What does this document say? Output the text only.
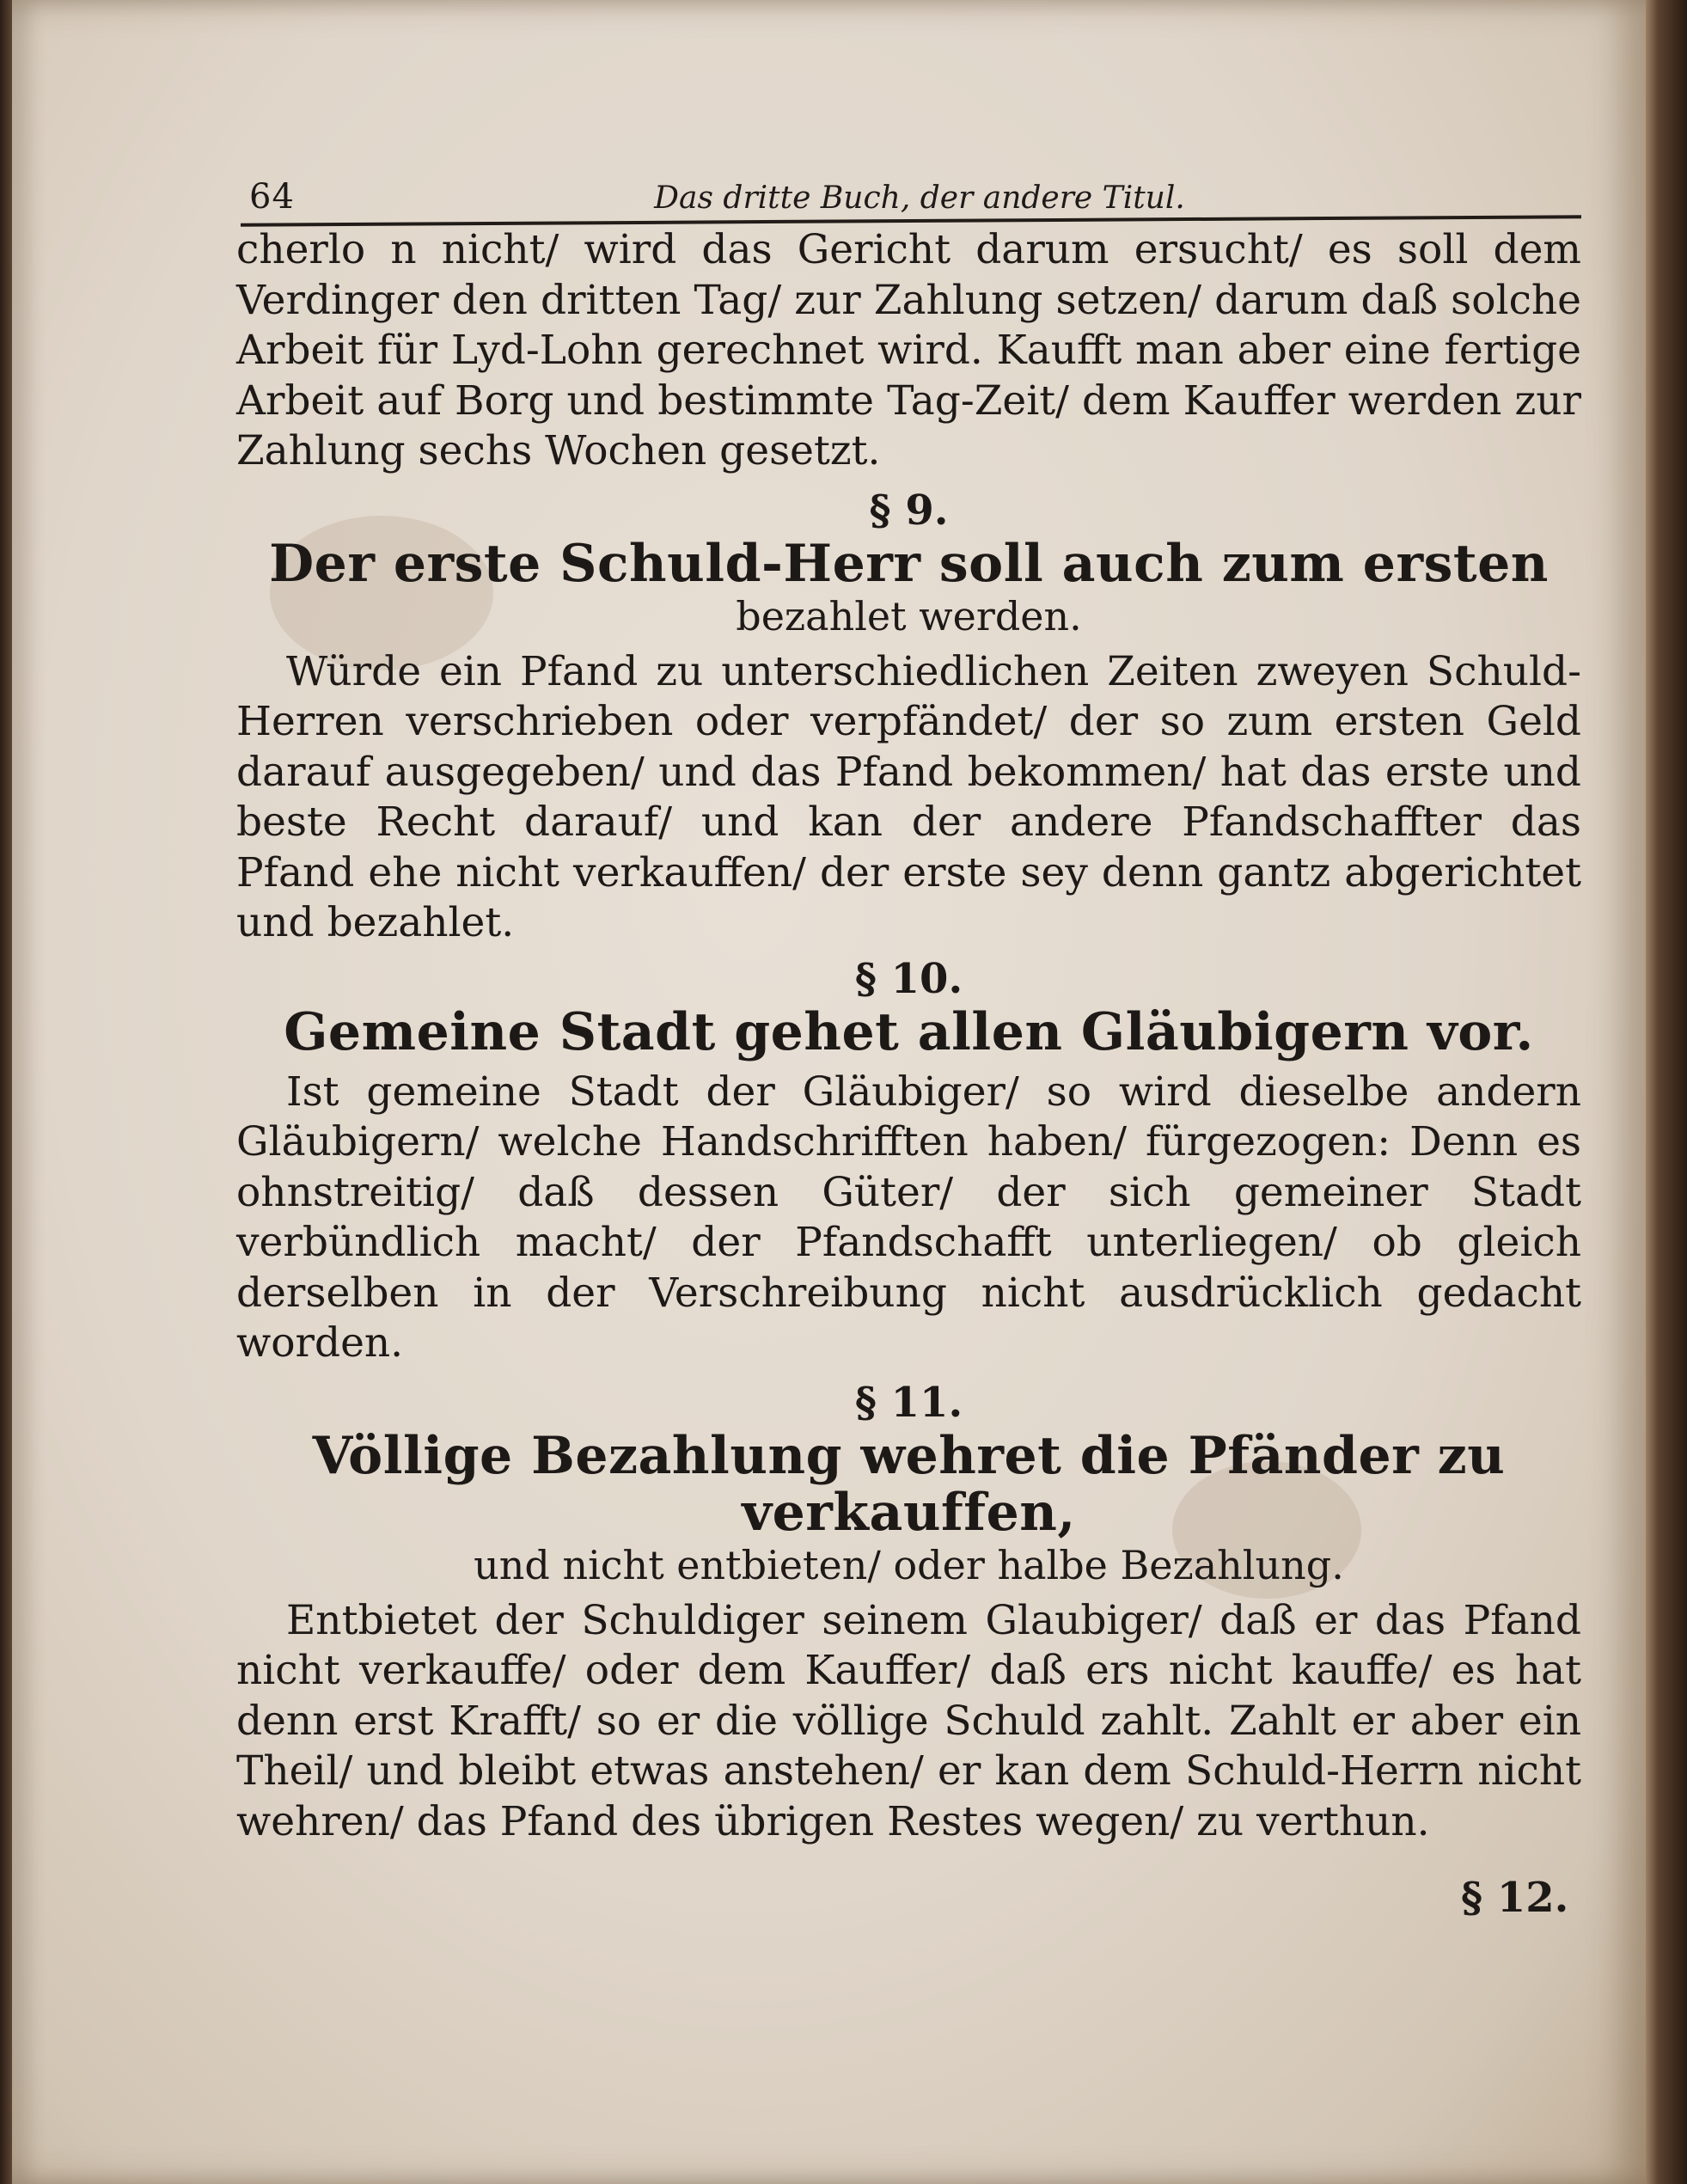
64	Das dritte Buch, der andere Titul.

cherlo n nicht/ wird das Gericht darum ersucht/ es soll dem Verdinger den dritten Tag/ zur Zahlung setzen/ darum daß solche Arbeit für Lyd-Lohn gerechnet wird. Kaufft man aber eine fertige Arbeit auf Borg und bestimmte Tag-Zeit/ dem Kauffer werden zur Zahlung sechs Wochen gesetzt.

§ 9.

Der erste Schuld-Herr soll auch zum ersten

bezahlet werden.

Würde ein Pfand zu unterschiedlichen Zeiten zweyen Schuld-Herren verschrieben oder verpfändet/ der so zum ersten Geld darauf ausgegeben/ und das Pfand bekommen/ hat das erste und beste Recht darauf/ und kan der andere Pfandschaffter das Pfand ehe nicht verkauffen/ der erste sey denn gantz abgerichtet und bezahlet.

§ 10.

Gemeine Stadt gehet allen Gläubigern vor.

Ist gemeine Stadt der Gläubiger/ so wird dieselbe andern Gläubigern/ welche Handschrifften haben/ fürgezogen: Denn es ohnstreitig/ daß dessen Güter/ der sich gemeiner Stadt verbündlich macht/ der Pfandschafft unterliegen/ ob gleich derselben in der Verschreibung nicht ausdrücklich gedacht worden.

§ 11.

Völlige Bezahlung wehret die Pfänder zu verkauffen,

und nicht entbieten/ oder halbe Bezahlung.

Entbietet der Schuldiger seinem Glaubiger/ daß er das Pfand nicht verkauffe/ oder dem Kauffer/ daß ers nicht kauffe/ es hat denn erst Krafft/ so er die völlige Schuld zahlt. Zahlt er aber ein Theil/ und bleibt etwas anstehen/ er kan dem Schuld-Herrn nicht wehren/ das Pfand des übrigen Restes wegen/ zu verthun.

§ 12.
